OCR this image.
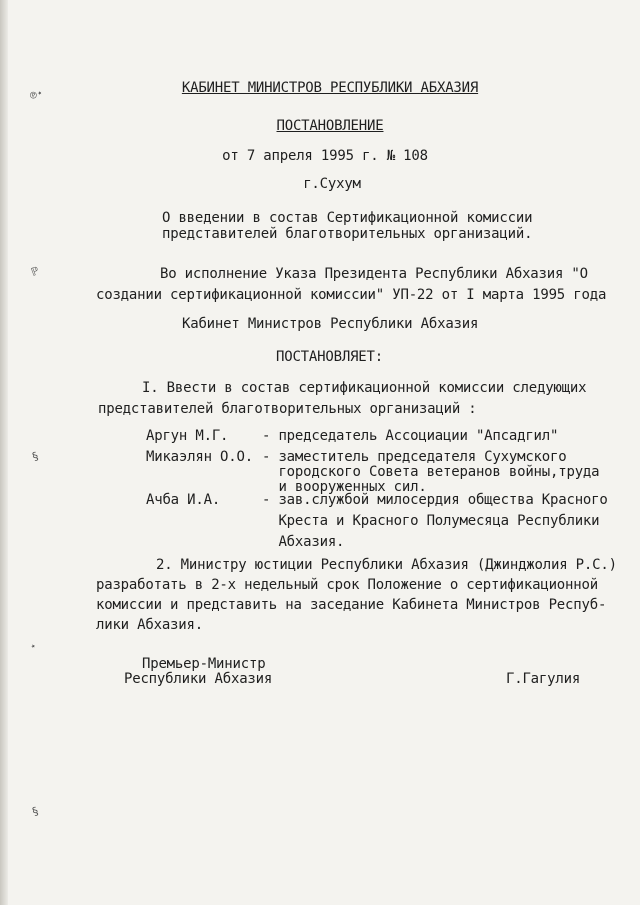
℗⋆
ℙ
§
⋆
§
КАБИНЕТ МИНИСТРОВ РЕСПУБЛИКИ АБХАЗИЯ
ПОСТАНОВЛЕНИЕ
от 7 апреля 1995 г. № 108
г.Сухум
О введении в состав Сертификационной комиссии
представителей благотворительных организаций.
Во исполнение Указа Президента Республики Абхазия "О
создании сертификационной комиссии" УП-22 от I марта 1995 года
Кабинет Министров Республики Абхазия
ПОСТАНОВЛЯЕТ:
I. Ввести в состав сертификационной комиссии следующих
представителей благотворительных организаций :
Аргун М.Г. - председатель Ассоциации "Апсадгил"
Микаэлян О.О. - заместитель председателя Сухумского
городского Совета ветеранов войны,труда
и вооруженных сил.
Ачба И.А.	- зав.службой милосердия общества Красного
Креста и Красного Полумесяца Республики
Абхазия.
2. Министру юстиции Республики Абхазия (Джинджолия Р.С.)
разработать в 2-х недельный срок Положение о сертификационной
комиссии и представить на заседание Кабинета Министров Респуб-
лики Абхазия.
Премьер-Министр
Республики Абхазия	Г.Гагулия
